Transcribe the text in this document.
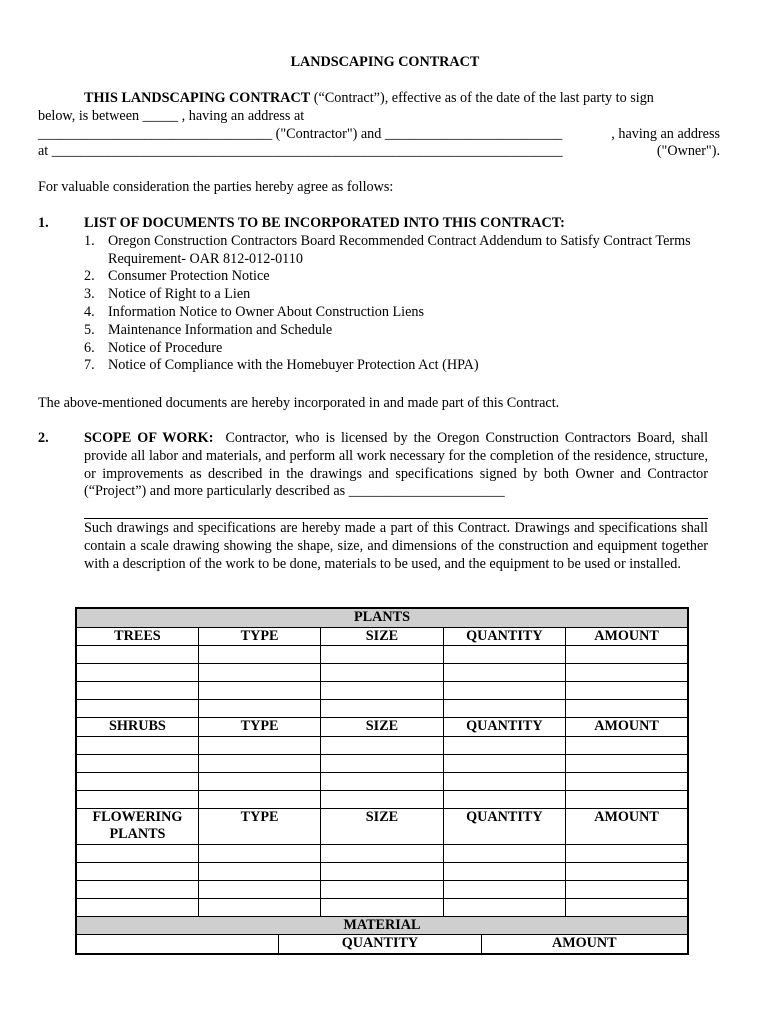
LANDSCAPING CONTRACT

THIS LANDSCAPING CONTRACT (“Contract”), effective as of the date of the last party to sign

below, is between _____ , having an address at

_________________________________ ("Contractor") and _________________________	, having an address

at ________________________________________________________________________	("Owner").

For valuable consideration the parties hereby agree as follows:
1.	LIST OF DOCUMENTS TO BE INCORPORATED INTO THIS CONTRACT:
1. Oregon Construction Contractors Board Recommended Contract Addendum to Satisfy Contract Terms Requirement- OAR 812-012-0110
2. Consumer Protection Notice
3. Notice of Right to a Lien
4. Information Notice to Owner About Construction Liens
5. Maintenance Information and Schedule
6. Notice of Procedure
7. Notice of Compliance with the Homebuyer Protection Act (HPA)
The above-mentioned documents are hereby incorporated in and made part of this Contract.

2. SCOPE OF WORK: Contractor, who is licensed by the Oregon Construction Contractors Board, shall provide all labor and materials, and perform all work necessary for the completion of the residence, structure, or improvements as described in the drawings and specifications signed by both Owner and Contractor (“Project”) and more particularly described as ______________________

Such drawings and specifications are hereby made a part of this Contract. Drawings and specifications shall contain a scale drawing showing the shape, size, and dimensions of the construction and equipment together with a description of the work to be done, materials to be used, and the equipment to be used or installed.

PLANTS
TREES	TYPE	SIZE	QUANTITY	AMOUNT

SHRUBS	TYPE	SIZE	QUANTITY	AMOUNT

FLOWERING PLANTS	TYPE	SIZE	QUANTITY	AMOUNT

MATERIAL

	QUANTITY	AMOUNT
